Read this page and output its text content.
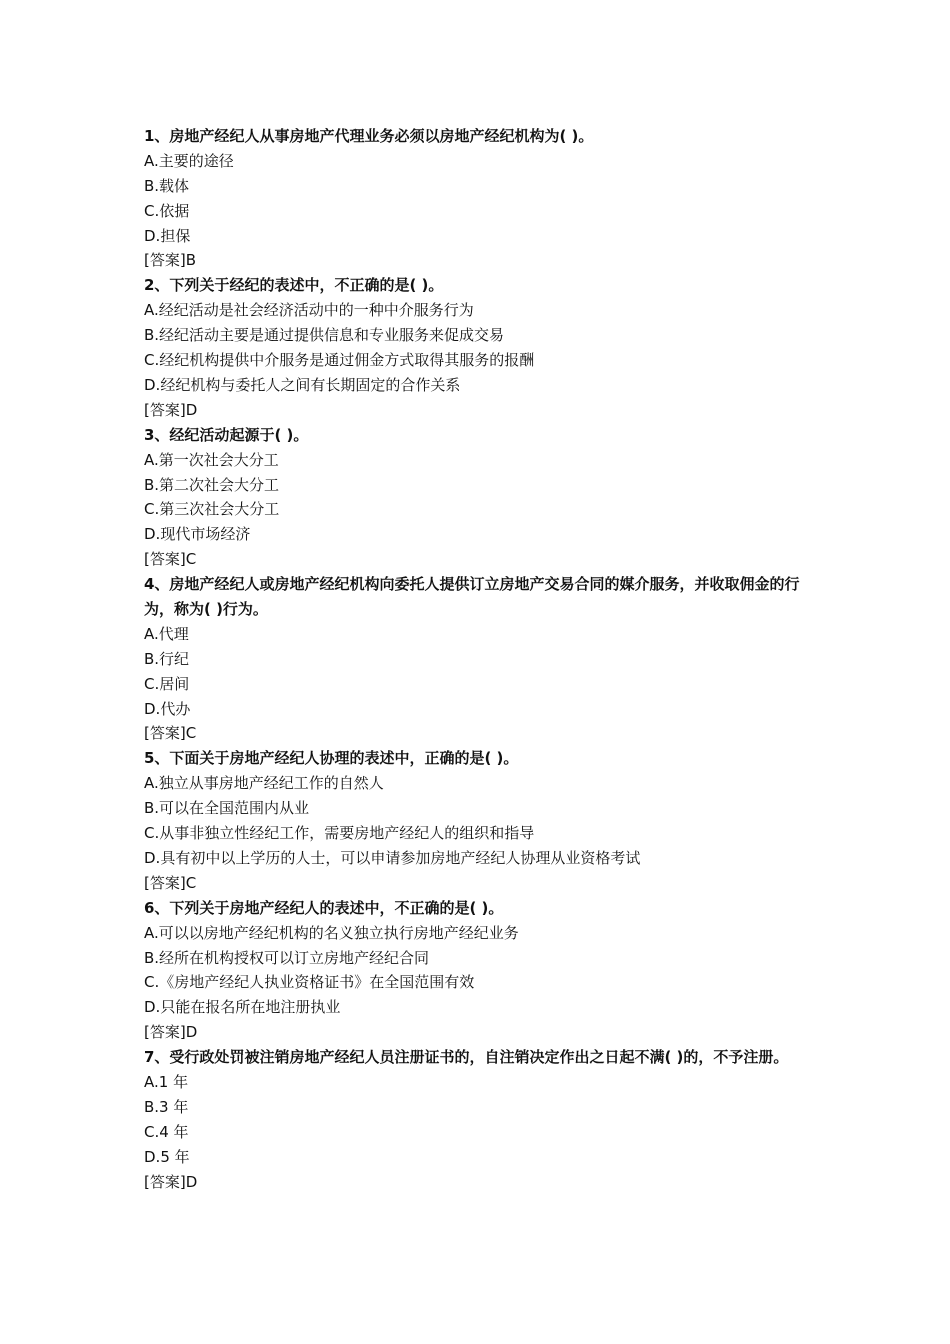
1、房地产经纪人从事房地产代理业务必须以房地产经纪机构为( )。
A.主要的途径
B.载体
C.依据
D.担保
[答案]B
2、下列关于经纪的表述中，不正确的是( )。
A.经纪活动是社会经济活动中的一种中介服务行为
B.经纪活动主要是通过提供信息和专业服务来促成交易
C.经纪机构提供中介服务是通过佣金方式取得其服务的报酬
D.经纪机构与委托人之间有长期固定的合作关系
[答案]D
3、经纪活动起源于( )。
A.第一次社会大分工
B.第二次社会大分工
C.第三次社会大分工
D.现代市场经济
[答案]C
4、房地产经纪人或房地产经纪机构向委托人提供订立房地产交易合同的媒介服务，并收取佣金的行为，称为( )行为。
A.代理
B.行纪
C.居间
D.代办
[答案]C
5、下面关于房地产经纪人协理的表述中，正确的是( )。
A.独立从事房地产经纪工作的自然人
B.可以在全国范围内从业
C.从事非独立性经纪工作，需要房地产经纪人的组织和指导
D.具有初中以上学历的人士，可以申请参加房地产经纪人协理从业资格考试
[答案]C
6、下列关于房地产经纪人的表述中，不正确的是( )。
A.可以以房地产经纪机构的名义独立执行房地产经纪业务
B.经所在机构授权可以订立房地产经纪合同
C.《房地产经纪人执业资格证书》在全国范围有效
D.只能在报名所在地注册执业
[答案]D
7、受行政处罚被注销房地产经纪人员注册证书的，自注销决定作出之日起不满( )的，不予注册。
A.1 年
B.3 年
C.4 年
D.5 年
[答案]D
